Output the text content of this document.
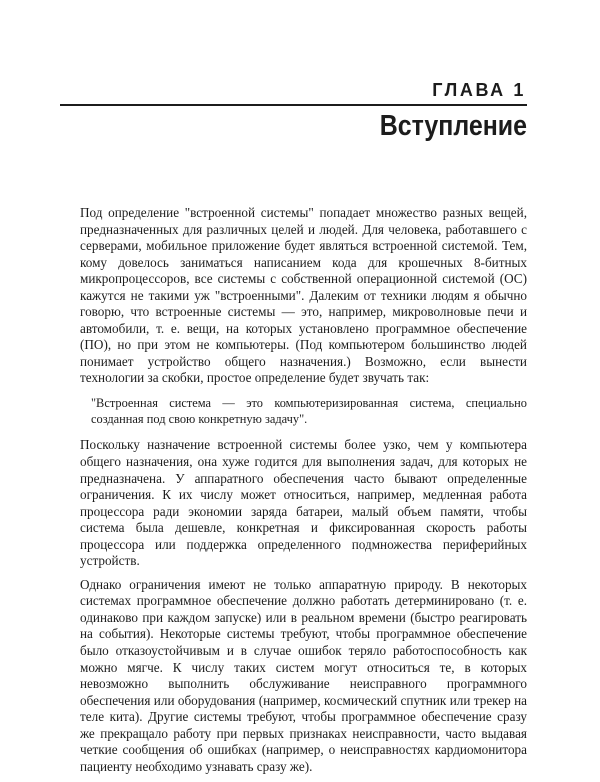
ГЛАВА 1
Вступление

Под определение "встроенной системы" попадает множество разных вещей, предназначенных для различных целей и людей. Для человека, работавшего с серверами, мобильное приложение будет являться встроенной системой. Тем, кому довелось заниматься написанием кода для крошечных 8-битных микропроцессоров, все системы с собственной операционной системой (ОС) кажутся не такими уж "встроенными". Далеким от техники людям я обычно говорю, что встроенные системы — это, например, микроволновые печи и автомобили, т. е. вещи, на которых установлено программное обеспечение (ПО), но при этом не компьютеры. (Под компьютером большинство людей понимает устройство общего назначения.) Возможно, если вынести технологии за скобки, простое определение будет звучать так:

"Встроенная система — это компьютеризированная система, специально созданная под свою конкретную задачу".

Поскольку назначение встроенной системы более узко, чем у компьютера общего назначения, она хуже годится для выполнения задач, для которых не предназначена. У аппаратного обеспечения часто бывают определенные ограничения. К их числу может относиться, например, медленная работа процессора ради экономии заряда батареи, малый объем памяти, чтобы система была дешевле, конкретная и фиксированная скорость работы процессора или поддержка определенного подмножества периферийных устройств.

Однако ограничения имеют не только аппаратную природу. В некоторых системах программное обеспечение должно работать детерминировано (т. е. одинаково при каждом запуске) или в реальном времени (быстро реагировать на события). Некоторые системы требуют, чтобы программное обеспечение было отказоустойчивым и в случае ошибок теряло работоспособность как можно мягче. К числу таких систем могут относиться те, в которых невозможно выполнить обслуживание неисправного программного обеспечения или оборудования (например, космический спутник или трекер на теле кита). Другие системы требуют, чтобы программное обеспечение сразу же прекращало работу при первых признаках неисправности, часто выдавая четкие сообщения об ошибках (например, о неисправностях кардиомонитора пациенту необходимо узнавать сразу же).
